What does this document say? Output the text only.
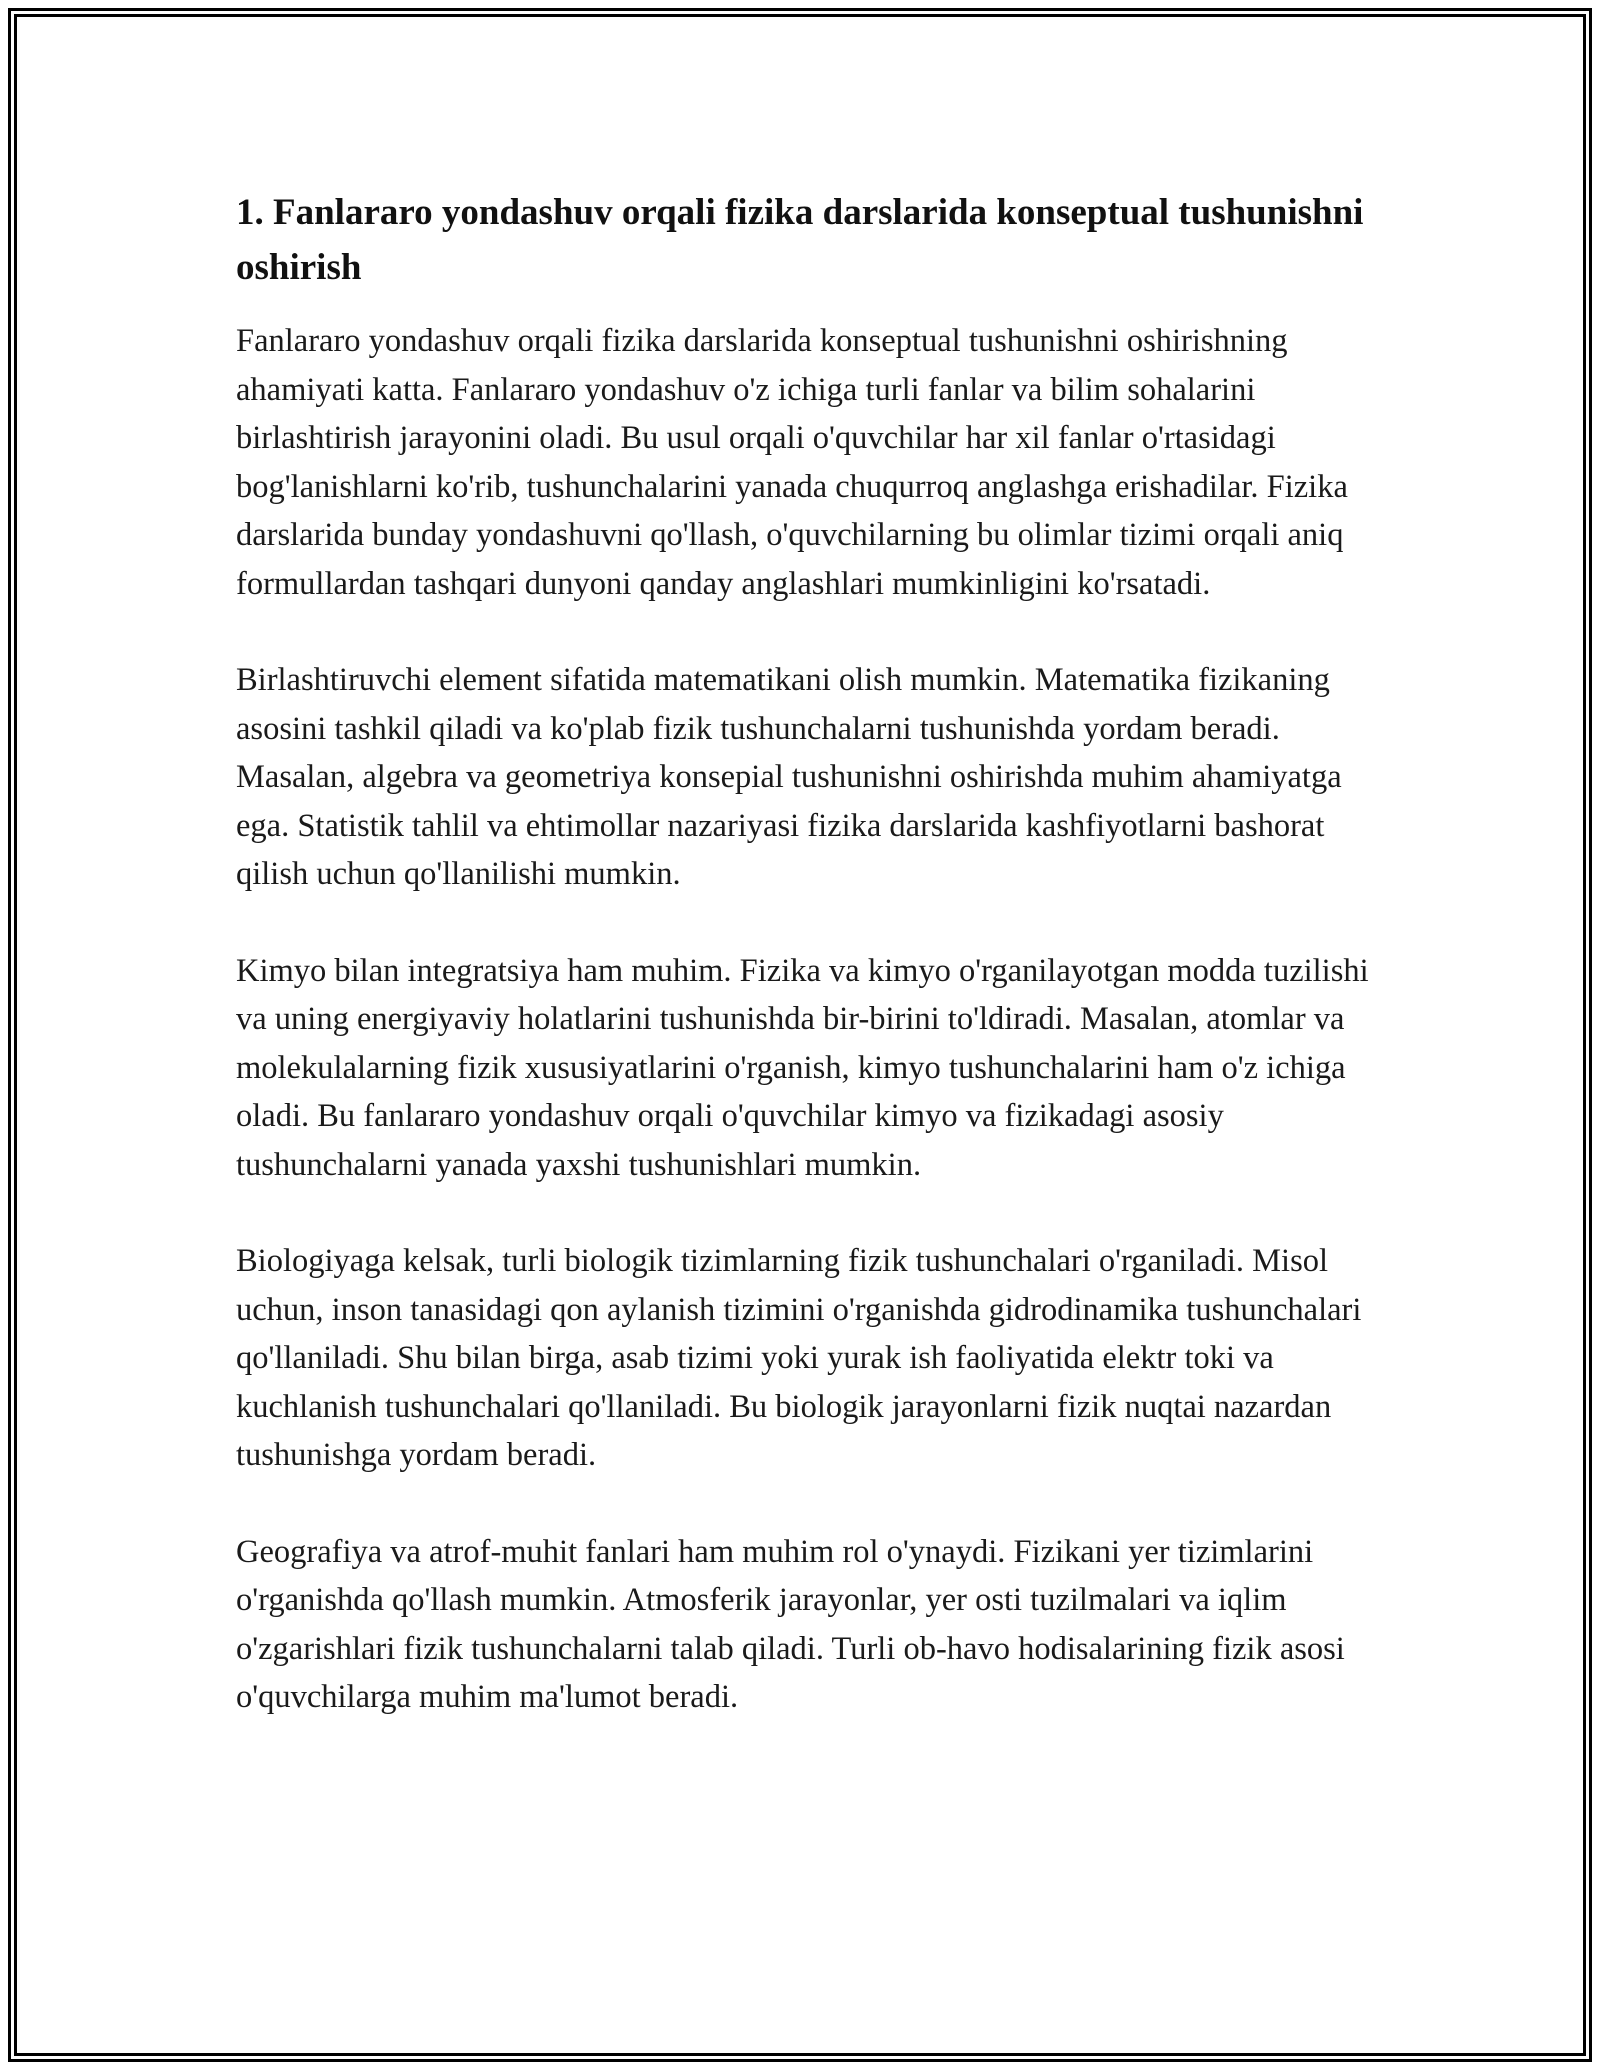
1. Fanlararo yondashuv orqali fizika darslarida konseptual tushunishni oshirish

Fanlararo yondashuv orqali fizika darslarida konseptual tushunishni oshirishning ahamiyati katta. Fanlararo yondashuv o'z ichiga turli fanlar va bilim sohalarini birlashtirish jarayonini oladi. Bu usul orqali o'quvchilar har xil fanlar o'rtasidagi bog'lanishlarni ko'rib, tushunchalarini yanada chuqurroq anglashga erishadilar. Fizika darslarida bunday yondashuvni qo'llash, o'quvchilarning bu olimlar tizimi orqali aniq formullardan tashqari dunyoni qanday anglashlari mumkinligini ko'rsatadi.

Birlashtiruvchi element sifatida matematikani olish mumkin. Matematika fizikaning asosini tashkil qiladi va ko'plab fizik tushunchalarni tushunishda yordam beradi. Masalan, algebra va geometriya konsepial tushunishni oshirishda muhim ahamiyatga ega. Statistik tahlil va ehtimollar nazariyasi fizika darslarida kashfiyotlarni bashorat qilish uchun qo'llanilishi mumkin.

Kimyo bilan integratsiya ham muhim. Fizika va kimyo o'rganilayotgan modda tuzilishi va uning energiyaviy holatlarini tushunishda bir-birini to'ldiradi. Masalan, atomlar va molekulalarning fizik xususiyatlarini o'rganish, kimyo tushunchalarini ham o'z ichiga oladi. Bu fanlararo yondashuv orqali o'quvchilar kimyo va fizikadagi asosiy tushunchalarni yanada yaxshi tushunishlari mumkin.

Biologiyaga kelsak, turli biologik tizimlarning fizik tushunchalari o'rganiladi. Misol uchun, inson tanasidagi qon aylanish tizimini o'rganishda gidrodinamika tushunchalari qo'llaniladi. Shu bilan birga, asab tizimi yoki yurak ish faoliyatida elektr toki va kuchlanish tushunchalari qo'llaniladi. Bu biologik jarayonlarni fizik nuqtai nazardan tushunishga yordam beradi.

Geografiya va atrof-muhit fanlari ham muhim rol o'ynaydi. Fizikani yer tizimlarini o'rganishda qo'llash mumkin. Atmosferik jarayonlar, yer osti tuzilmalari va iqlim o'zgarishlari fizik tushunchalarni talab qiladi. Turli ob-havo hodisalarining fizik asosi o'quvchilarga muhim ma'lumot beradi.
